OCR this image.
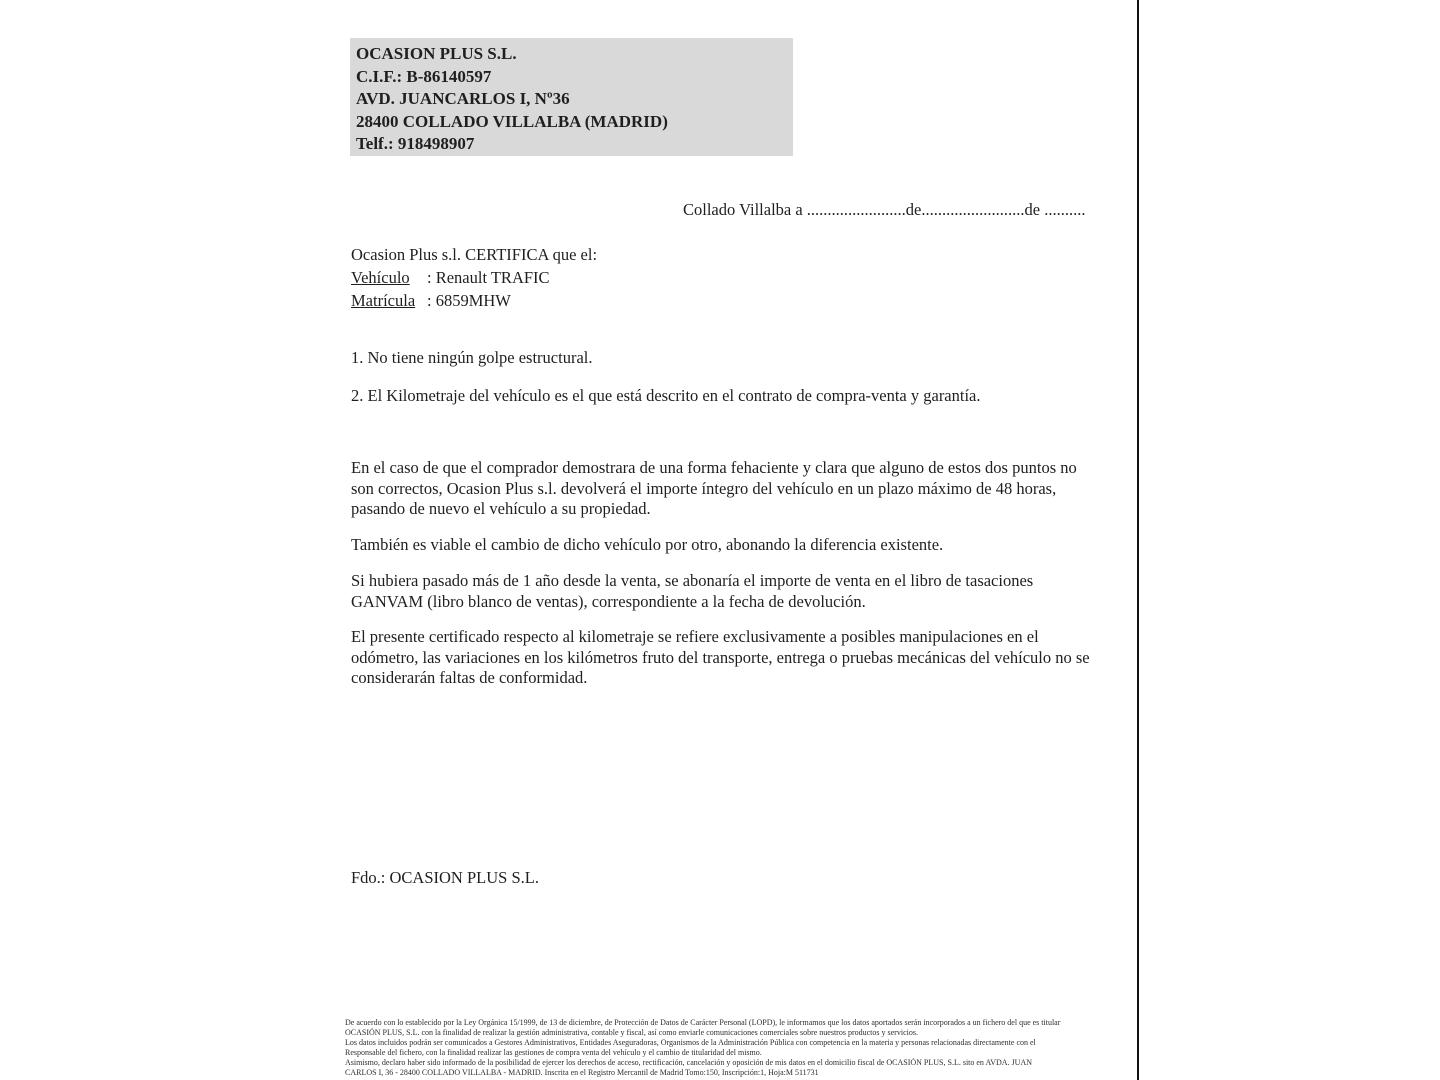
OCASION PLUS S.L.
C.I.F.: B-86140597
AVD. JUANCARLOS I, Nº36
28400 COLLADO VILLALBA (MADRID)
Telf.: 918498907
Collado Villalba a ........................de.........................de ..........
Ocasion Plus s.l. CERTIFICA que el:
Vehículo : Renault TRAFIC
Matrícula : 6859MHW
1. No tiene ningún golpe estructural.
2. El Kilometraje del vehículo es el que está descrito en el contrato de compra-venta y garantía.
En el caso de que el comprador demostrara de una forma fehaciente y clara que alguno de estos dos puntos no son correctos, Ocasion Plus s.l. devolverá el importe íntegro del vehículo en un plazo máximo de 48 horas, pasando de nuevo el vehículo a su propiedad.
También es viable el cambio de dicho vehículo por otro, abonando la diferencia existente.
Si hubiera pasado más de 1 año desde la venta, se abonaría el importe de venta en el libro de tasaciones GANVAM (libro blanco de ventas), correspondiente a la fecha de devolución.
El presente certificado respecto al kilometraje se refiere exclusivamente a posibles manipulaciones en el odómetro, las variaciones en los kilómetros fruto del transporte, entrega o pruebas mecánicas del vehículo no se considerarán faltas de conformidad.
Fdo.: OCASION PLUS S.L.
De acuerdo con lo establecido por la Ley Orgánica 15/1999, de 13 de diciembre, de Protección de Datos de Carácter Personal (LOPD), le informamos que los datos aportados serán incorporados a un fichero del que es titular
OCASIÓN PLUS, S.L. con la finalidad de realizar la gestión administrativa, contable y fiscal, así como enviarle comunicaciones comerciales sobre nuestros productos y servicios.
Los datos incluidos podrán ser comunicados a Gestores Administrativos, Entidades Aseguradoras, Organismos de la Administración Pública con competencia en la materia y personas relacionadas directamente con el
Responsable del fichero, con la finalidad realizar las gestiones de compra venta del vehículo y el cambio de titularidad del mismo.
Asimismo, declaro haber sido informado de la posibilidad de ejercer los derechos de acceso, rectificación, cancelación y oposición de mis datos en el domicilio fiscal de OCASIÓN PLUS, S.L. sito en AVDA. JUAN
CARLOS I, 36 - 28400 COLLADO VILLALBA - MADRID. Inscrita en el Registro Mercantil de Madrid Tomo:150, Inscripción:1, Hoja:M 511731
